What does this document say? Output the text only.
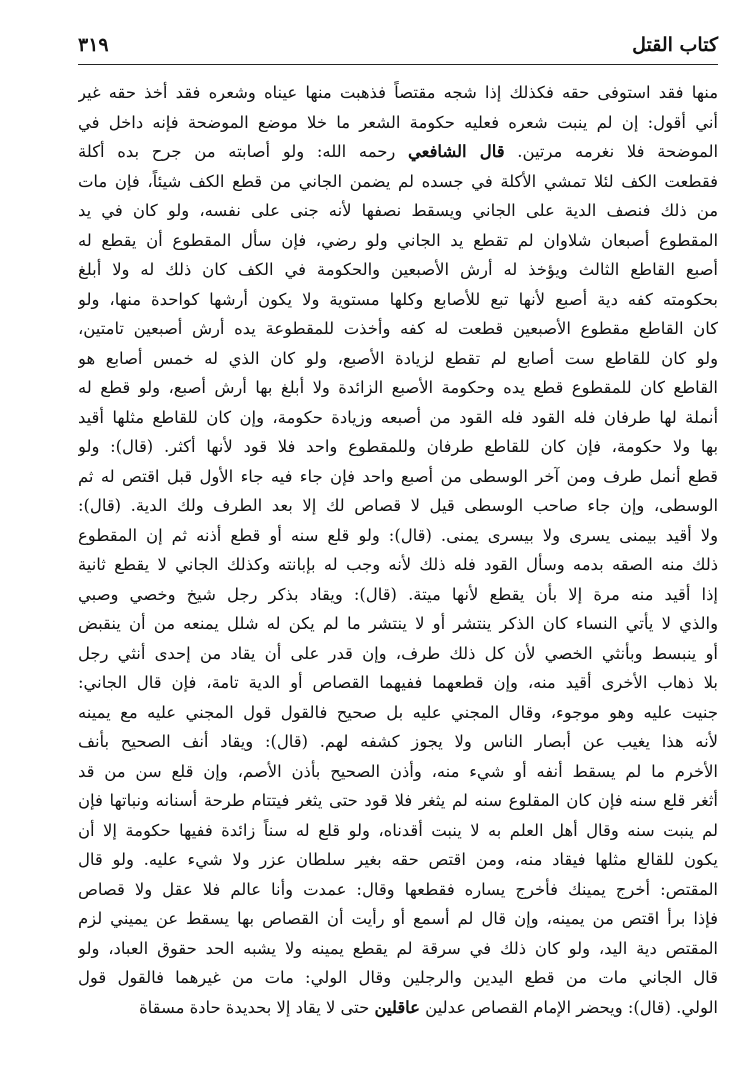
كتاب القتل
٣١٩
منها فقد استوفى حقه فكذلك إذا شجه مقتصاً فذهبت منها عيناه وشعره فقد أخذ حقه غير
أني أقول: إن لم ينبت شعره فعليه حكومة الشعر ما خلا موضع الموضحة فإنه داخل في
الموضحة فلا نغرمه مرتين. قال الشافعي رحمه الله: ولو أصابته من جرح بده أكلة
فقطعت الكف لئلا تمشي الأكلة في جسده لم يضمن الجاني من قطع الكف شيئاً، فإن مات
من ذلك فنصف الدية على الجاني ويسقط نصفها لأنه جنى على نفسه، ولو كان في يد
المقطوع أصبعان شلاوان لم تقطع يد الجاني ولو رضي، فإن سأل المقطوع أن يقطع له
أصبع القاطع الثالث ويؤخذ له أرش الأصبعين والحكومة في الكف كان ذلك له ولا أبلغ
بحكومته كفه دية أصبع لأنها تبع للأصابع وكلها مستوية ولا يكون أرشها كواحدة منها، ولو
كان القاطع مقطوع الأصبعين قطعت له كفه وأخذت للمقطوعة يده أرش أصبعين تامتين،
ولو كان للقاطع ست أصابع لم تقطع لزيادة الأصبع، ولو كان الذي له خمس أصابع هو
القاطع كان للمقطوع قطع يده وحكومة الأصبع الزائدة ولا أبلغ بها أرش أصبع، ولو قطع له
أنملة لها طرفان فله القود فله القود من أصبعه وزيادة حكومة، وإن كان للقاطع مثلها أقيد
بها ولا حكومة، فإن كان للقاطع طرفان وللمقطوع واحد فلا قود لأنها أكثر. (قال): ولو
قطع أنمل طرف ومن آخر الوسطى من أصبع واحد فإن جاء فيه جاء الأول قبل اقتص له ثم
الوسطى، وإن جاء صاحب الوسطى قيل لا قصاص لك إلا بعد الطرف ولك الدية. (قال):
ولا أقيد بيمنى يسرى ولا بيسرى يمنى. (قال): ولو قلع سنه أو قطع أذنه ثم إن المقطوع
ذلك منه الصقه بدمه وسأل القود فله ذلك لأنه وجب له بإبانته وكذلك الجاني لا يقطع ثانية
إذا أقيد منه مرة إلا بأن يقطع لأنها ميتة. (قال): ويقاد بذكر رجل شيخ وخصي وصبي
والذي لا يأتي النساء كان الذكر ينتشر أو لا ينتشر ما لم يكن له شلل يمنعه من أن ينقبض
أو ينبسط وبأنثي الخصي لأن كل ذلك طرف، وإن قدر على أن يقاد من إحدى أنثي رجل
بلا ذهاب الأخرى أقيد منه، وإن قطعهما ففيهما القصاص أو الدية تامة، فإن قال الجاني:
جنيت عليه وهو موجوء، وقال المجني عليه بل صحيح فالقول قول المجني عليه مع يمينه
لأنه هذا يغيب عن أبصار الناس ولا يجوز كشفه لهم. (قال): ويقاد أنف الصحيح بأنف
الأخرم ما لم يسقط أنفه أو شيء منه، وأذن الصحيح بأذن الأصم، وإن قلع سن من قد
أثغر قلع سنه فإن كان المقلوع سنه لم يثغر فلا قود حتى يثغر فيتتام طرحة أسنانه ونباتها فإن
لم ينبت سنه وقال أهل العلم به لا ينبت أقدناه، ولو قلع له سناً زائدة ففيها حكومة إلا أن
يكون للقالع مثلها فيقاد منه، ومن اقتص حقه بغير سلطان عزر ولا شيء عليه. ولو قال
المقتص: أخرج يمينك فأخرج يساره فقطعها وقال: عمدت وأنا عالم فلا عقل ولا قصاص
فإذا برأ اقتص من يمينه، وإن قال لم أسمع أو رأيت أن القصاص بها يسقط عن يميني لزم
المقتص دية اليد، ولو كان ذلك في سرقة لم يقطع يمينه ولا يشبه الحد حقوق العباد، ولو
قال الجاني مات من قطع اليدين والرجلين وقال الولي: مات من غيرهما فالقول قول
الولي. (قال): ويحضر الإمام القصاص عدلين عاقلين حتى لا يقاد إلا بحديدة حادة مسقاة
